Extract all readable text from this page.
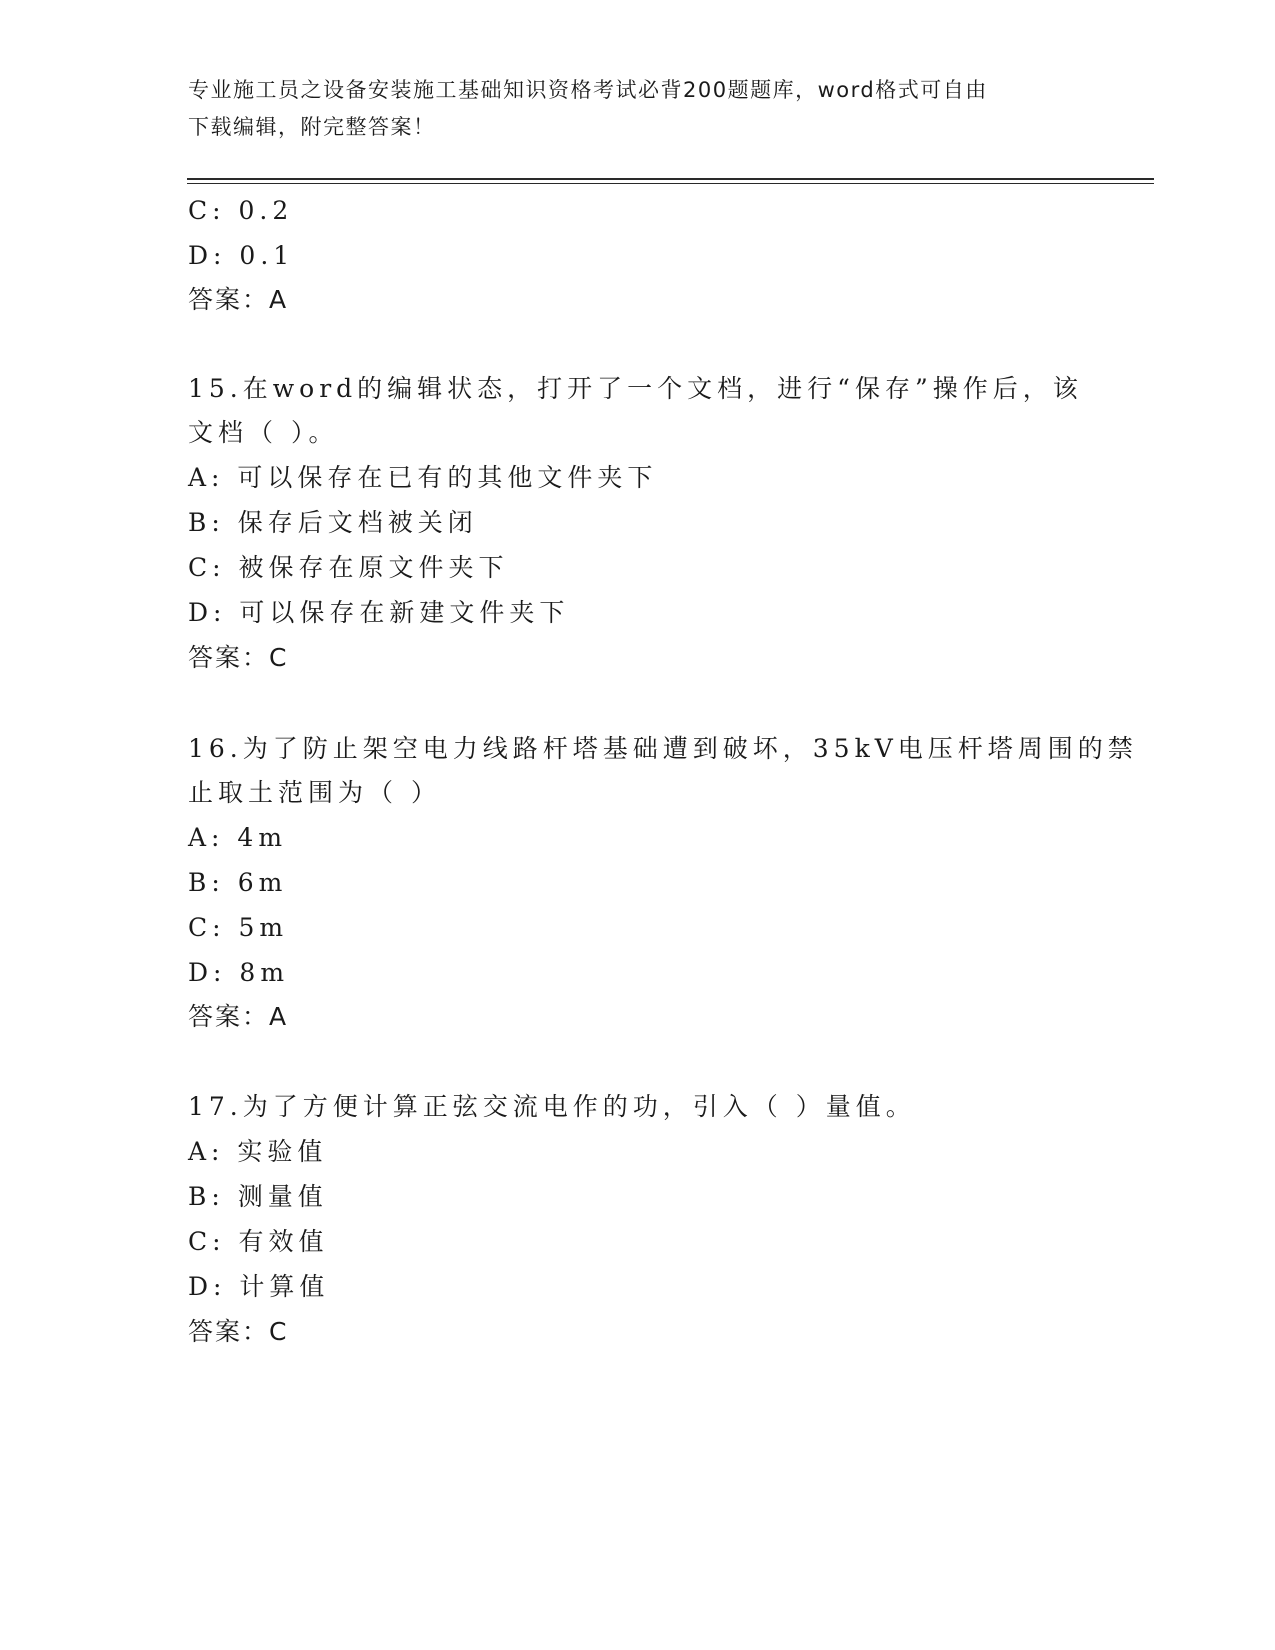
专业施工员之设备安装施工基础知识资格考试必背200题题库，word格式可自由
下载编辑，附完整答案！
C: 0.2
D: 0.1
答案：A
15.在word的编辑状态，打开了一个文档，进行“保存”操作后，该
文档（ ）。
A: 可以保存在已有的其他文件夹下
B: 保存后文档被关闭
C: 被保存在原文件夹下
D: 可以保存在新建文件夹下
答案：C
16.为了防止架空电力线路杆塔基础遭到破坏，35kV电压杆塔周围的禁
止取土范围为（ ）
A: 4m
B: 6m
C: 5m
D: 8m
答案：A
17.为了方便计算正弦交流电作的功，引入（ ）量值。
A: 实验值
B: 测量值
C: 有效值
D: 计算值
答案：C
